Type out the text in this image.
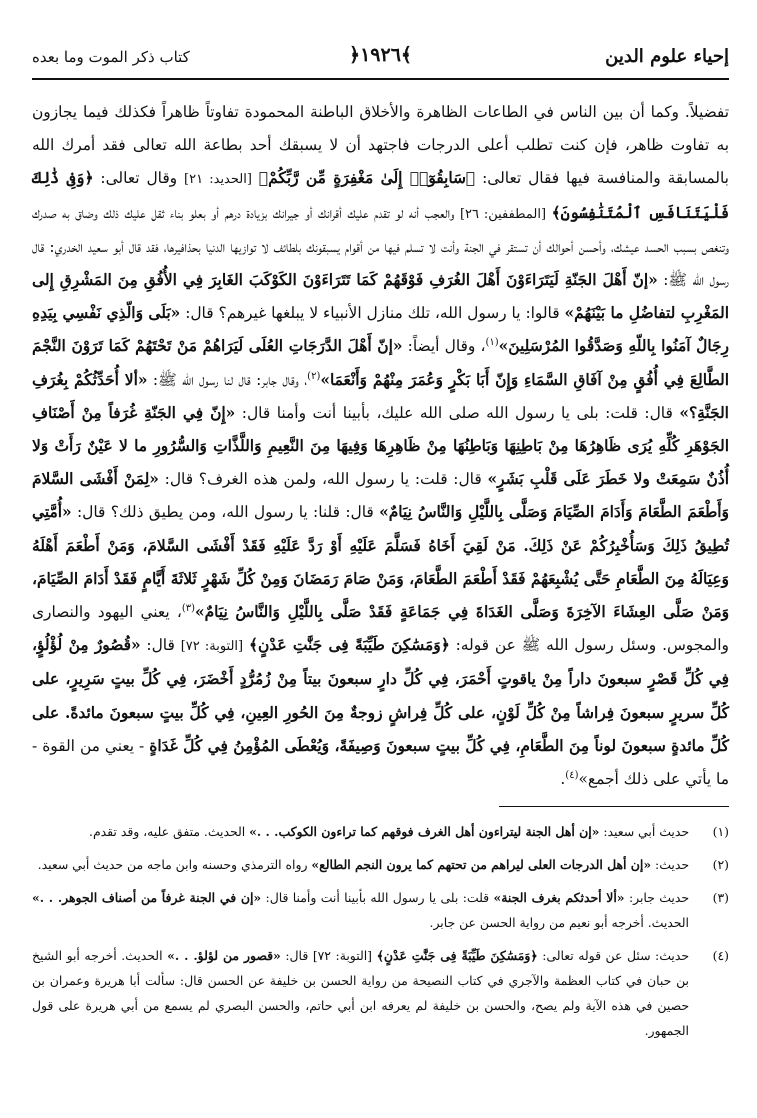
إحياء علوم الدين
﴿١٩٢٦﴾
كتاب ذكر الموت وما بعده

تفضيلاً. وكما أن بين الناس في الطاعات الظاهرة والأخلاق الباطنة المحمودة تفاوتاً ظاهراً فكذلك فيما يجازون به تفاوت ظاهر، فإن كنت تطلب أعلى الدرجات فاجتهد أن لا يسبقك أحد بطاعة الله تعالى فقد أمرك الله بالمسابقة والمنافسة فيها فقال تعالى: ﴿سَابِقُوٓا۟ إِلَىٰ مَغْفِرَةٍ مِّن رَّبِّكُمْ﴾ [الحديد: ٢١] وقال تعالى: ﴿وَفِى ذَٰلِكَ فَلْيَتَنَافَسِ ٱلْمُتَنَٰفِسُونَ﴾ [المطففين: ٢٦] والعجب أنه لو تقدم عليك أقرانك أو جيرانك بزيادة درهم أو بعلو بناء ثقل عليك ذلك وضاق به صدرك وتنغص بسبب الحسد عيشك، وأحسن أحوالك أن تستقر في الجنة وأنت لا تسلم فيها من أقوام يسبقونك بلطائف لا توازيها الدنيا بحذافيرها، فقد قال أبو سعيد الخدري: قال رسول الله ﷺ: «إنّ أَهْلَ الجَنّةِ لَيَتَرَاءَوْنَ أَهْلَ الغُرَفِ فَوْقَهُمْ كَمَا تَتَرَاءَوْنَ الكَوْكَبَ الغَابِرَ فِي الأُفُقِ مِنَ المَشْرِقِ إِلى المَغْرِبِ لتفاضُلِ ما بَيْنَهُمْ» قالوا: يا رسول الله، تلك منازل الأنبياء لا يبلغها غيرهم؟ قال: «بَلَى وَالّذِي نَفْسِي بِيَدِهِ رِجَالٌ آمَنُوا بِاللّهِ وَصَدَّقُوا المُرْسَلِينَ»$^{(١)}$، وقال أيضاً: «إنّ أَهْلَ الدَّرَجَاتِ العُلَى لَيَرَاهُمْ مَنْ تَحْتَهُمْ كَمَا تَرَوْنَ النَّجْمَ الطَّالِعَ فِي أُفُقٍ مِنْ آفَاقِ السَّمَاءِ وَإِنّ أَبَا بَكْرٍ وَعُمَرَ مِنْهُمْ وَأَنْعَمَا»$^{(٢)}$، وقال جابر: قال لنا رسول الله ﷺ: «ألا أُحَدِّثُكُمْ بِغُرَفِ الجَنَّةِ؟» قال: قلت: بلى يا رسول الله صلى الله عليك، بأبينا أنت وأمنا قال: «إِنّ فِي الجَنّةِ غُرَفاً مِنْ أَصْنَافِ الجَوْهَرِ كُلِّهِ يُرَى ظَاهِرُهَا مِنْ بَاطِنِهَا وَبَاطِنُهَا مِنْ ظَاهِرِهَا وَفِيهَا مِنَ النَّعِيمِ وَاللَّذَّاتِ وَالسُّرُورِ ما لا عَيْنٌ رَأَتْ وَلا أُذُنٌ سَمِعَتْ ولا خَطَرَ عَلَى قَلْبِ بَشَرٍ» قال: قلت: يا رسول الله، ولمن هذه الغرف؟ قال: «لِمَنْ أَفْشَى السَّلامَ وَأَطْعَمَ الطَّعَامَ وَأَدَامَ الصِّيَامَ وَصَلَّى بِاللَّيْلِ وَالنَّاسُ نِيَامٌ» قال: قلنا: يا رسول الله، ومن يطيق ذلك؟ قال: «أُمَّتِي تُطِيقُ ذَلِكَ وَسَأُخْبِرُكُمْ عَنْ ذَلِكَ. مَنْ لَقِيَ أَخَاهُ فَسَلَّمَ عَلَيْهِ أَوْ رَدَّ عَلَيْهِ فَقَدْ أَفْشَى السَّلامَ، وَمَنْ أَطْعَمَ أَهْلَهُ وَعِيَالَهُ مِنَ الطَّعَامِ حَتَّى يُشْبِعَهُمْ فَقَدْ أَطْعَمَ الطَّعَامَ، وَمَنْ صَامَ رَمَضَانَ وَمِنْ كُلِّ شَهْرٍ ثَلاثَةَ أَيَّامٍ فَقَدْ أَدَامَ الصِّيَامَ، وَمَنْ صَلَّى العِشَاءَ الآخِرَةَ وَصَلَّى الغَدَاةَ فِي جَمَاعَةٍ فَقَدْ صَلَّى بِاللَّيْلِ وَالنَّاسُ نِيَامٌ»$^{(٣)}$، يعني اليهود والنصارى والمجوس. وسئل رسول الله ﷺ عن قوله: ﴿وَمَسَٰكِنَ طَيِّبَةً فِى جَنَّٰتِ عَدْنٍ﴾ [التوبة: ٧٢] قال: «قُصُورٌ مِنْ لُؤْلُؤٍ، فِي كُلِّ قَصْرٍ سبعونَ داراً مِنْ ياقوتٍ أَحْمَرَ، فِي كُلِّ دارٍ سبعونَ بيتاً مِنْ زُمُرُّدٍ أَخْضَرَ، فِي كُلِّ بيتٍ سَرِيرٍ، على كُلِّ سريرٍ سبعونَ فِراشاً مِنْ كُلِّ لَوْنٍ، على كُلِّ فِراشٍ زوجةٌ مِنَ الحُورِ العِينِ، فِي كُلِّ بيتٍ سبعونَ مائدةً. على كُلِّ مائدةٍ سبعونَ لوناً مِنَ الطَّعَامِ، فِي كُلِّ بيتٍ سبعونَ وَصِيفَةً، وَيُعْطَى المُؤْمِنُ فِي كُلِّ غَدَاةٍ - يعني من القوة - ما يأتي على ذلك أجمع»$^{(٤)}$.

(١)
حديث أبي سعيد: «إن أهل الجنة ليتراءون أهل الغرف فوقهم كما تراءون الكوكب. . .» الحديث. متفق عليه، وقد تقدم.
(٢)
حديث: «إن أهل الدرجات العلى ليراهم من تحتهم كما يرون النجم الطالع» رواه الترمذي وحسنه وابن ماجه من حديث أبي سعيد.
(٣)
حديث جابر: «ألا أحدثكم بغرف الجنة» قلت: بلى يا رسول الله بأبينا أنت وأمنا قال: «إن في الجنة غرفاً من أصناف الجوهر. . .» الحديث. أخرجه أبو نعيم من رواية الحسن عن جابر.
(٤)
حديث: سئل عن قوله تعالى: ﴿وَمَسَٰكِنَ طَيِّبَةً فِى جَنَّٰتِ عَدْنٍ﴾ [التوبة: ٧٢] قال: «قصور من لؤلؤ. . .» الحديث. أخرجه أبو الشيخ بن حبان في كتاب العظمة والآجري في كتاب النصيحة من رواية الحسن بن خليفة عن الحسن قال: سألت أبا هريرة وعمران بن حصين في هذه الآية ولم يصح، والحسن بن خليفة لم يعرفه ابن أبي حاتم، والحسن البصري لم يسمع من أبي هريرة على قول الجمهور.
